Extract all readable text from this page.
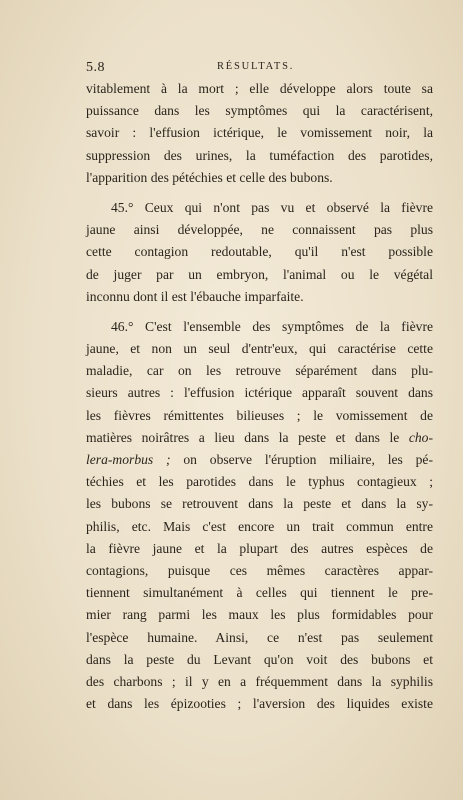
5.8	RÉSULTATS.
vitablement à la mort ; elle développe alors toute sa
puissance dans les symptômes qui la caractérisent,
savoir : l'effusion ictérique, le vomissement noir, la
suppression des urines, la tuméfaction des parotides,
l'apparition des pétéchies et celle des bubons.
45.° Ceux qui n'ont pas vu et observé la fièvre
jaune ainsi développée, ne connaissent pas plus
cette contagion redoutable, qu'il n'est possible
de juger par un embryon, l'animal ou le végétal
inconnu dont il est l'ébauche imparfaite.
46.° C'est l'ensemble des symptômes de la fièvre
jaune, et non un seul d'entr'eux, qui caractérise cette
maladie, car on les retrouve séparément dans plu-
sieurs autres : l'effusion ictérique apparaît souvent dans
les fièvres rémittentes bilieuses ; le vomissement de
matières noirâtres a lieu dans la peste et dans le cho-
lera-morbus ; on observe l'éruption miliaire, les pé-
téchies et les parotides dans le typhus contagieux ;
les bubons se retrouvent dans la peste et dans la sy-
philis, etc. Mais c'est encore un trait commun entre
la fièvre jaune et la plupart des autres espèces de
contagions, puisque ces mêmes caractères appar-
tiennent simultanément à celles qui tiennent le pre-
mier rang parmi les maux les plus formidables pour
l'espèce humaine. Ainsi, ce n'est pas seulement
dans la peste du Levant qu'on voit des bubons et
des charbons ; il y en a fréquemment dans la syphilis
et dans les épizooties ; l'aversion des liquides existe
